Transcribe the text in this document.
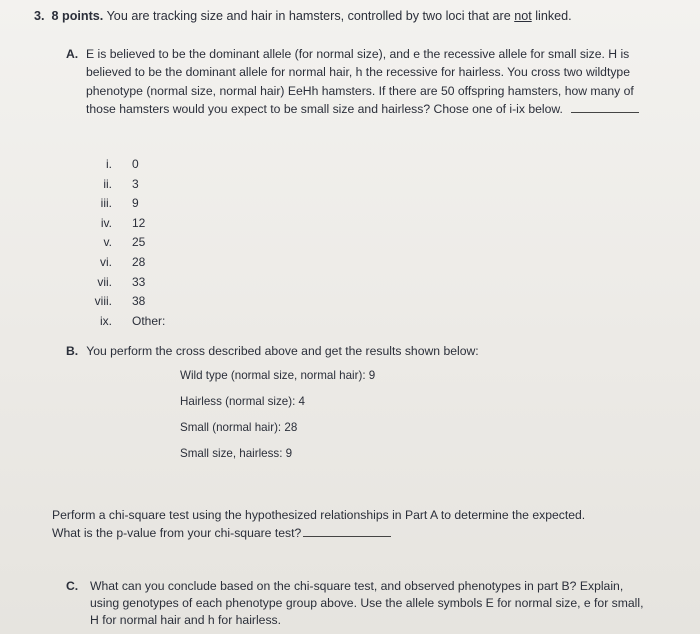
3. 8 points. You are tracking size and hair in hamsters, controlled by two loci that are not linked.
A. E is believed to be the dominant allele (for normal size), and e the recessive allele for small size. H is believed to be the dominant allele for normal hair, h the recessive for hairless. You cross two wildtype phenotype (normal size, normal hair) EeHh hamsters. If there are 50 offspring hamsters, how many of those hamsters would you expect to be small size and hairless? Chose one of i-ix below.
i. 0
ii. 3
iii. 9
iv. 12
v. 25
vi. 28
vii. 33
viii. 38
ix. Other:
B. You perform the cross described above and get the results shown below:
Wild type (normal size, normal hair): 9
Hairless (normal size): 4
Small (normal hair): 28
Small size, hairless: 9
Perform a chi-square test using the hypothesized relationships in Part A to determine the expected.
What is the p-value from your chi-square test?
C. What can you conclude based on the chi-square test, and observed phenotypes in part B? Explain, using genotypes of each phenotype group above. Use the allele symbols E for normal size, e for small, H for normal hair and h for hairless.
